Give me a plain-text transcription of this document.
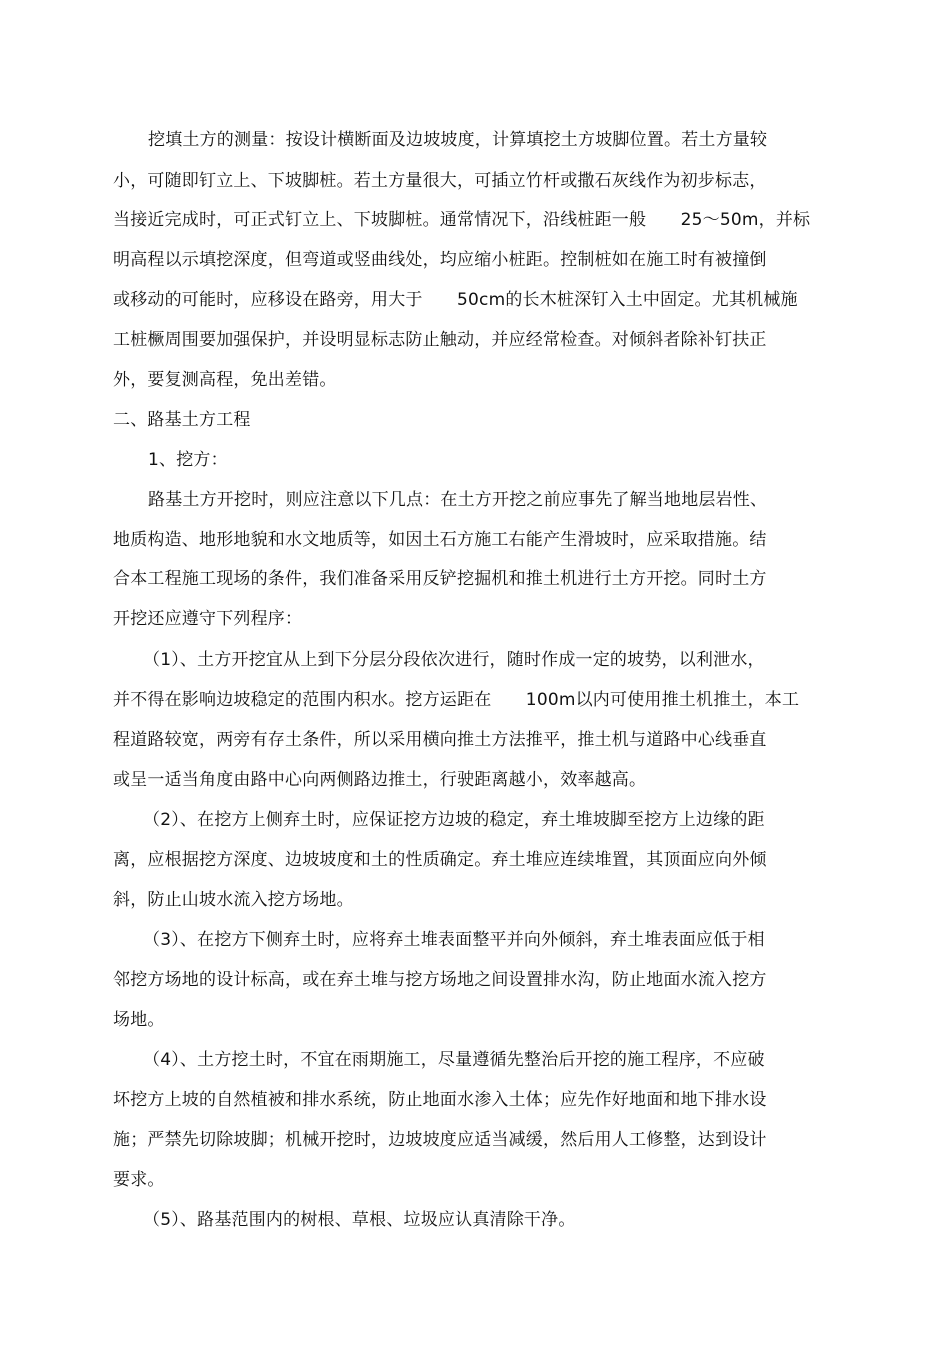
挖填土方的测量：按设计横断面及边坡坡度，计算填挖土方坡脚位置。若土方量较
小，可随即钉立上、下坡脚桩。若土方量很大，可插立竹杆或撒石灰线作为初步标志，
当接近完成时，可正式钉立上、下坡脚桩。通常情况下，沿线桩距一般　　25～50m，并标
明高程以示填挖深度，但弯道或竖曲线处，均应缩小桩距。控制桩如在施工时有被撞倒
或移动的可能时，应移设在路旁，用大于　　50cm的长木桩深钉入土中固定。尤其机械施
工桩橛周围要加强保护，并设明显标志防止触动，并应经常检查。对倾斜者除补钉扶正
外，要复测高程，免出差错。
二、路基土方工程
1、挖方：
路基土方开挖时，则应注意以下几点：在土方开挖之前应事先了解当地地层岩性、
地质构造、地形地貌和水文地质等，如因土石方施工右能产生滑坡时，应采取措施。结
合本工程施工现场的条件，我们准备采用反铲挖掘机和推土机进行土方开挖。同时土方
开挖还应遵守下列程序：
（1）、土方开挖宜从上到下分层分段依次进行，随时作成一定的坡势，以利泄水，
并不得在影响边坡稳定的范围内积水。挖方运距在　　100m以内可使用推土机推土，本工
程道路较宽，两旁有存土条件，所以采用横向推土方法推平，推土机与道路中心线垂直
或呈一适当角度由路中心向两侧路边推土，行驶距离越小，效率越高。
（2）、在挖方上侧弃土时，应保证挖方边坡的稳定，弃土堆坡脚至挖方上边缘的距
离，应根据挖方深度、边坡坡度和土的性质确定。弃土堆应连续堆置，其顶面应向外倾
斜，防止山坡水流入挖方场地。
（3）、在挖方下侧弃土时，应将弃土堆表面整平并向外倾斜，弃土堆表面应低于相
邻挖方场地的设计标高，或在弃土堆与挖方场地之间设置排水沟，防止地面水流入挖方
场地。
（4）、土方挖土时，不宜在雨期施工，尽量遵循先整治后开挖的施工程序，不应破
坏挖方上坡的自然植被和排水系统，防止地面水渗入土体；应先作好地面和地下排水设
施；严禁先切除坡脚；机械开挖时，边坡坡度应适当减缓，然后用人工修整，达到设计
要求。
（5）、路基范围内的树根、草根、垃圾应认真清除干净。
